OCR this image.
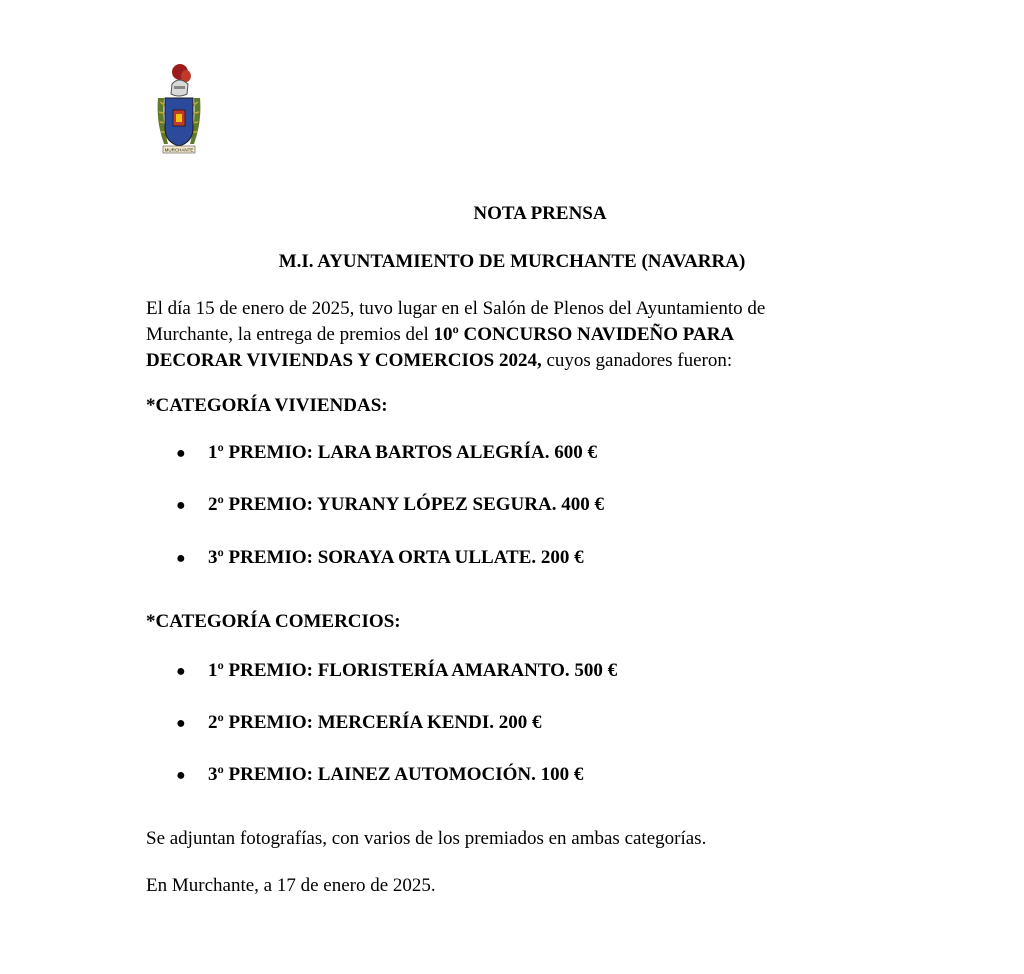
MURCHANTE

NOTA PRENSA

M.I. AYUNTAMIENTO DE MURCHANTE (NAVARRA)

El día 15 de enero de 2025, tuvo lugar en el Salón de Plenos del Ayuntamiento de Murchante, la entrega de premios del 10º CONCURSO NAVIDEÑO PARA DECORAR VIVIENDAS Y COMERCIOS 2024, cuyos ganadores fueron:

*CATEGORÍA VIVIENDAS:

● 1º PREMIO: LARA BARTOS ALEGRÍA. 600 €

● 2º PREMIO: YURANY LÓPEZ SEGURA. 400 €

● 3º PREMIO: SORAYA ORTA ULLATE. 200 €

*CATEGORÍA COMERCIOS:

● 1º PREMIO: FLORISTERÍA AMARANTO. 500 €

● 2º PREMIO: MERCERÍA KENDI. 200 €

● 3º PREMIO: LAINEZ AUTOMOCIÓN. 100 €

Se adjuntan fotografías, con varios de los premiados en ambas categorías.

En Murchante, a 17 de enero de 2025.
